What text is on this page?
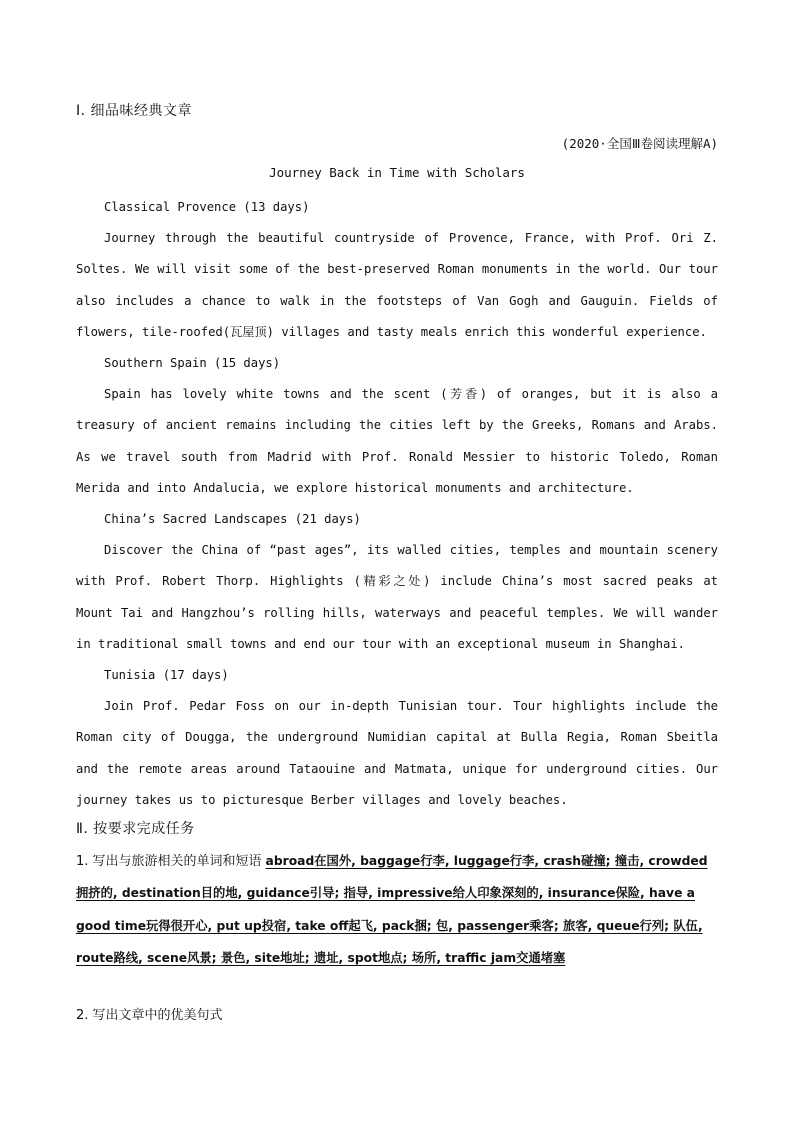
Ⅰ. 细品味经典文章
(2020·全国Ⅲ卷阅读理解A)
Journey Back in Time with Scholars

Classical Provence (13 days)

Journey through the beautiful countryside of Provence, France, with Prof. Ori Z. Soltes. We will visit some of the best-preserved Roman monuments in the world. Our tour also includes a chance to walk in the footsteps of Van Gogh and Gauguin. Fields of flowers, tile-roofed(瓦屋顶) villages and tasty meals enrich this wonderful experience.

Southern Spain (15 days)

Spain has lovely white towns and the scent (芳香) of oranges, but it is also a treasury of ancient remains including the cities left by the Greeks, Romans and Arabs. As we travel south from Madrid with Prof. Ronald Messier to historic Toledo, Roman Merida and into Andalucia, we explore historical monuments and architecture.

China’s Sacred Landscapes (21 days)

Discover the China of “past ages”, its walled cities, temples and mountain scenery with Prof. Robert Thorp. Highlights (精彩之处) include China’s most sacred peaks at Mount Tai and Hangzhou’s rolling hills, waterways and peaceful temples. We will wander in traditional small towns and end our tour with an exceptional museum in Shanghai.

Tunisia (17 days)

Join Prof. Pedar Foss on our in-depth Tunisian tour. Tour highlights include the Roman city of Dougga, the underground Numidian capital at Bulla Regia, Roman Sbeitla and the remote areas around Tataouine and Matmata, unique for underground cities. Our journey takes us to picturesque Berber villages and lovely beaches.

Ⅱ. 按要求完成任务

1. 写出与旅游相关的单词和短语 abroad在国外, baggage行李, luggage行李, crash碰撞; 撞击, crowded拥挤的, destination目的地, guidance引导; 指导, impressive给人印象深刻的, insurance保险, have a good time玩得很开心, put up投宿, take off起飞, pack捆; 包, passenger乘客; 旅客, queue行列; 队伍, route路线, scene风景; 景色, site地址; 遗址, spot地点; 场所, traffic jam交通堵塞

2. 写出文章中的优美句式
